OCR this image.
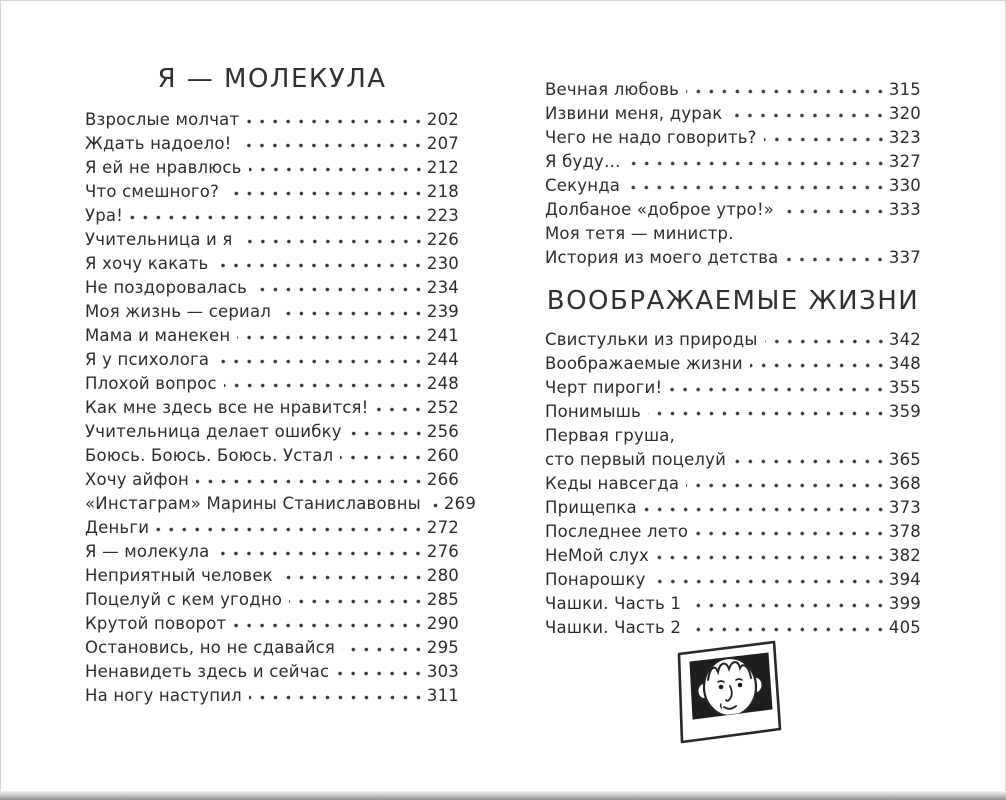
Я — МОЛЕКУЛА
Взрослые молчат	202
Ждать надоело!	207
Я ей не нравлюсь	212
Что смешного?	218
Ура!	223
Учительница и я	226
Я хочу какать	230
Не поздоровалась	234
Моя жизнь — сериал	239
Мама и манекен	241
Я у психолога	244
Плохой вопрос	248
Как мне здесь все не нравится!	252
Учительница делает ошибку	256
Боюсь. Боюсь. Боюсь. Устал	260
Хочу айфон	266
«Инстаграм» Марины Станиславовны 269
Деньги	272
Я — молекула	276
Неприятный человек	280
Поцелуй с кем угодно	285
Крутой поворот	290
Остановись, но не сдавайся	295
Ненавидеть здесь и сейчас	303
На ногу наступил	311
Вечная любовь	315
Извини меня, дурак	320
Чего не надо говорить?	323
Я буду…	327
Секунда	330
Долбаное «доброе утро!»	333
Моя тетя — министр.
История из моего детства	337
ВООБРАЖАЕМЫЕ ЖИЗНИ
Свистульки из природы	342
Воображаемые жизни	348
Черт пироги!	355
Понимышь	359
Первая груша,
сто первый поцелуй	365
Кеды навсегда	368
Прищепка	373
Последнее лето	378
НеМой слух	382
Понарошку	394
Чашки. Часть 1	399
Чашки. Часть 2	405
